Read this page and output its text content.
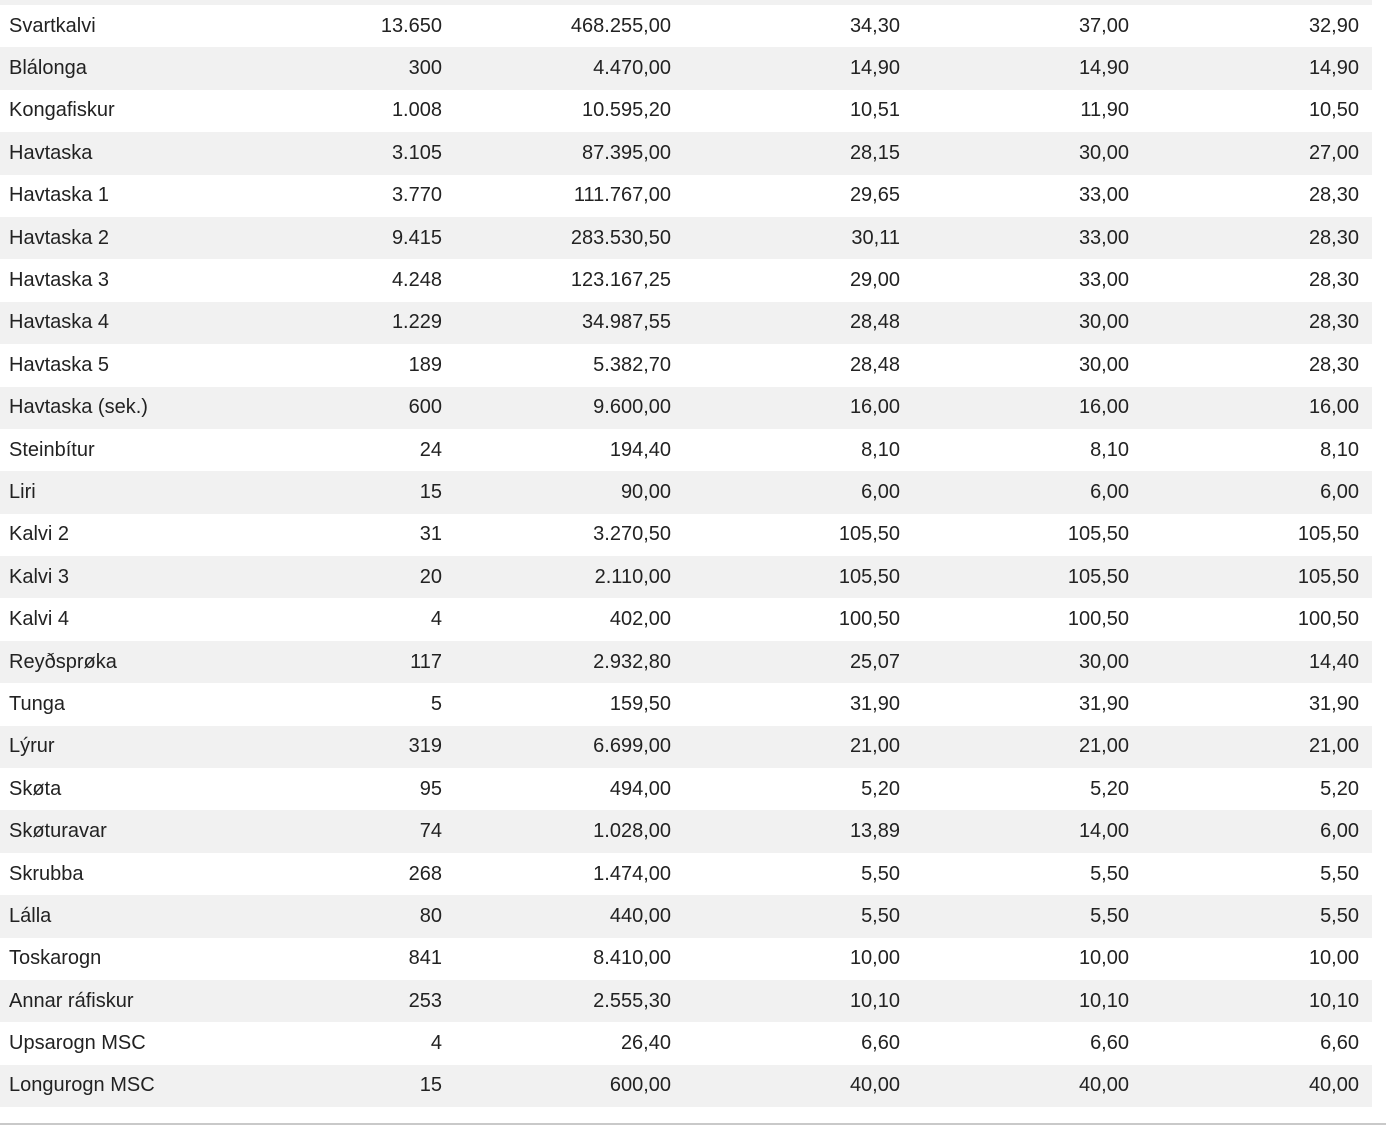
Svartkalvi	13.650	468.255,00	34,30	37,00	32,90
Blálonga	300	4.470,00	14,90	14,90	14,90
Kongafiskur	1.008	10.595,20	10,51	11,90	10,50
Havtaska	3.105	87.395,00	28,15	30,00	27,00
Havtaska 1	3.770	111.767,00	29,65	33,00	28,30
Havtaska 2	9.415	283.530,50	30,11	33,00	28,30
Havtaska 3	4.248	123.167,25	29,00	33,00	28,30
Havtaska 4	1.229	34.987,55	28,48	30,00	28,30
Havtaska 5	189	5.382,70	28,48	30,00	28,30
Havtaska (sek.)	600	9.600,00	16,00	16,00	16,00
Steinbítur	24	194,40	8,10	8,10	8,10
Liri	15	90,00	6,00	6,00	6,00
Kalvi 2	31	3.270,50	105,50	105,50	105,50
Kalvi 3	20	2.110,00	105,50	105,50	105,50
Kalvi 4	4	402,00	100,50	100,50	100,50
Reyðsprøka	117	2.932,80	25,07	30,00	14,40
Tunga	5	159,50	31,90	31,90	31,90
Lýrur	319	6.699,00	21,00	21,00	21,00
Skøta	95	494,00	5,20	5,20	5,20
Skøturavar	74	1.028,00	13,89	14,00	6,00
Skrubba	268	1.474,00	5,50	5,50	5,50
Lálla	80	440,00	5,50	5,50	5,50
Toskarogn	841	8.410,00	10,00	10,00	10,00
Annar ráfiskur	253	2.555,30	10,10	10,10	10,10
Upsarogn MSC	4	26,40	6,60	6,60	6,60
Longurogn MSC	15	600,00	40,00	40,00	40,00
